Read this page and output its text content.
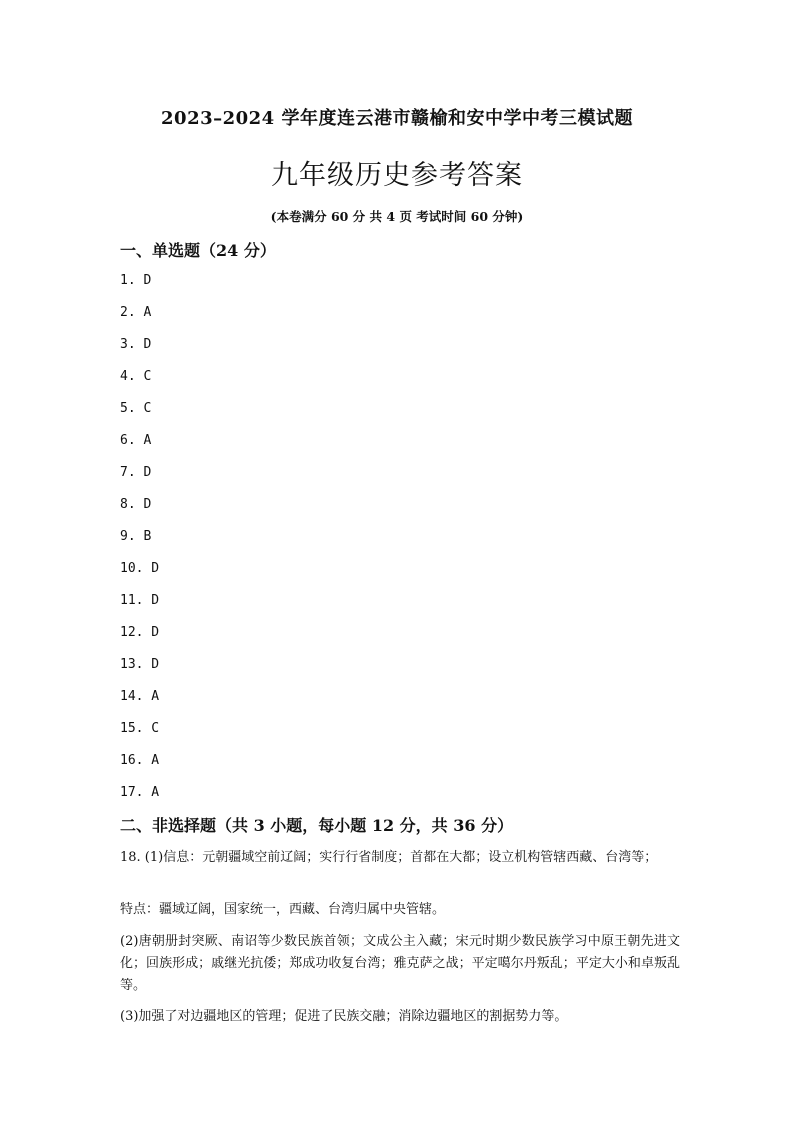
2023–2024 学年度连云港市赣榆和安中学中考三模试题
九年级历史参考答案
(本卷满分 60 分 共 4 页 考试时间 60 分钟)
一、单选题（24 分）
1. D
2. A
3. D
4. C
5. C
6. A
7. D
8. D
9. B
10. D
11. D
12. D
13. D
14. A
15. C
16. A
17. A
二、非选择题（共 3 小题，每小题 12 分，共 36 分）
18. (1)信息：元朝疆域空前辽阔；实行行省制度；首都在大都；设立机构管辖西藏、台湾等；
特点：疆域辽阔，国家统一，西藏、台湾归属中央管辖。
(2)唐朝册封突厥、南诏等少数民族首领；文成公主入藏；宋元时期少数民族学习中原王朝先进文化；回族形成；戚继光抗倭；郑成功收复台湾；雅克萨之战；平定噶尔丹叛乱；平定大小和卓叛乱等。
(3)加强了对边疆地区的管理；促进了民族交融；消除边疆地区的割据势力等。
